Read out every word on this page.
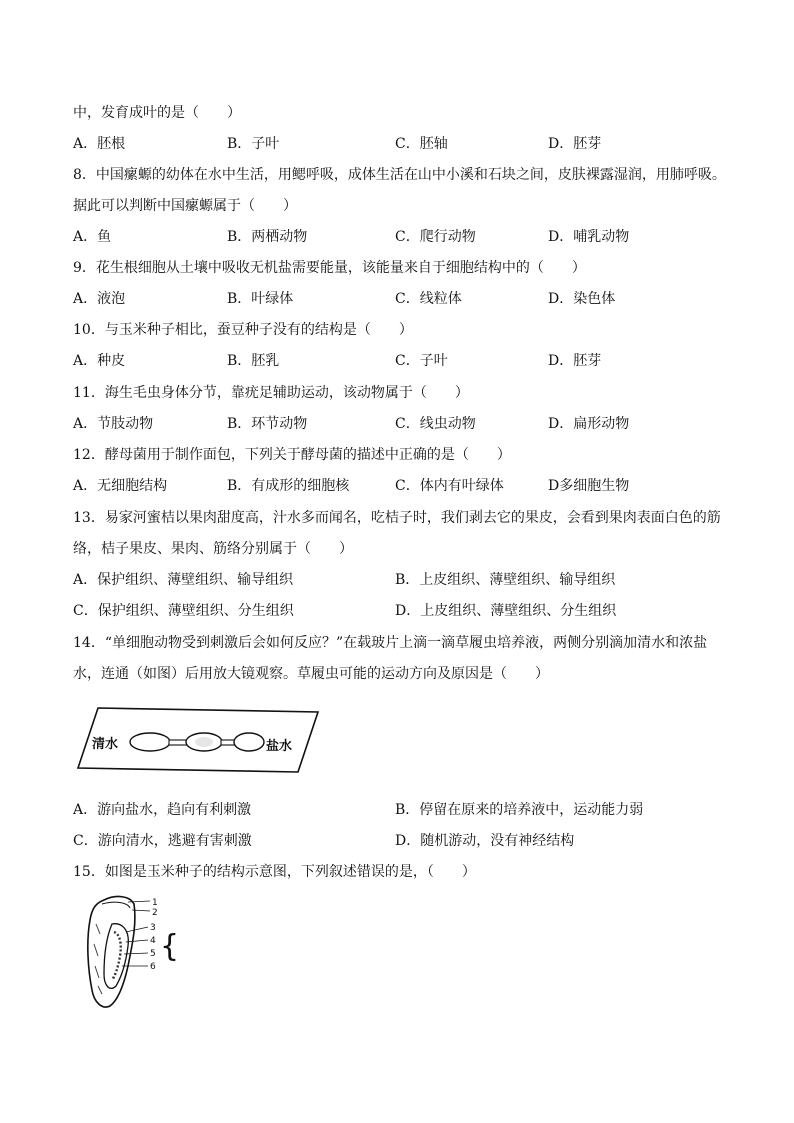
中，发育成叶的是（　　）
A．胚根	B．子叶	C．胚轴	D．胚芽
8．中国瘰螈的幼体在水中生活，用鳃呼吸，成体生活在山中小溪和石块之间，皮肤裸露湿润，用肺呼吸。
据此可以判断中国瘰螈属于（　　）
A．鱼	B．两栖动物	C．爬行动物	D．哺乳动物
9．花生根细胞从土壤中吸收无机盐需要能量，该能量来自于细胞结构中的（　　）
A．液泡	B．叶绿体	C．线粒体	D．染色体
10．与玉米种子相比，蚕豆种子没有的结构是（　　）
A．种皮	B．胚乳	C．子叶	D．胚芽
11．海生毛虫身体分节，靠疣足辅助运动，该动物属于（　　）
A．节肢动物	B．环节动物	C．线虫动物	D．扁形动物
12．酵母菌用于制作面包，下列关于酵母菌的描述中正确的是（　　）
A．无细胞结构	B．有成形的细胞核	C．体内有叶绿体	D多细胞生物
13．易家河蜜桔以果肉甜度高，汁水多而闻名，吃桔子时，我们剥去它的果皮，会看到果肉表面白色的筋
络，桔子果皮、果肉、筋络分别属于（　　）
A．保护组织、薄壁组织、输导组织	B．上皮组织、薄壁组织、输导组织
C．保护组织、薄壁组织、分生组织	D．上皮组织、薄壁组织、分生组织
14．“单细胞动物受到刺激后会如何反应？”在载玻片上滴一滴草履虫培养液，两侧分别滴加清水和浓盐
水，连通（如图）后用放大镜观察。草履虫可能的运动方向及原因是（　　）
清水	盐水
A．游向盐水，趋向有利刺激	B．停留在原来的培养液中，运动能力弱
C．游向清水，逃避有害刺激	D．随机游动，没有神经结构
15．如图是玉米种子的结构示意图，下列叙述错误的是，（　　）
1
2
3
4
5
6
{
